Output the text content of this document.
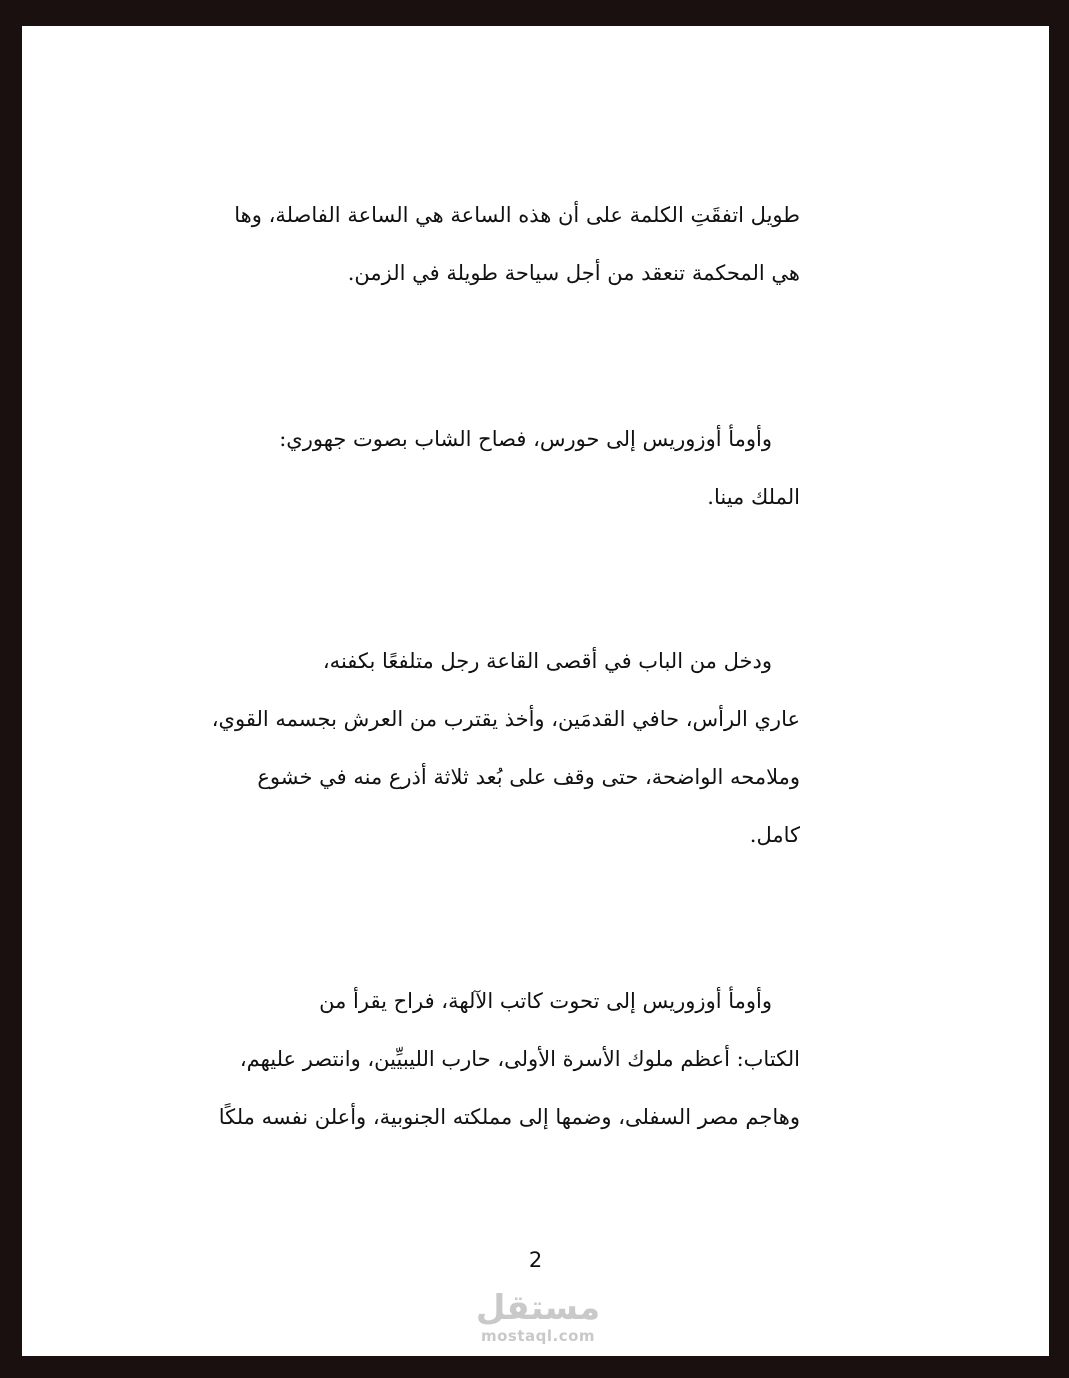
طويل اتفقَتِ الكلمة على أن هذه الساعة هي الساعة الفاصلة، وها

هي المحكمة تنعقد من أجل سياحة طويلة في الزمن.

وأومأ أوزوريس إلى حورس، فصاح الشاب بصوت جهوري:

الملك مينا.

ودخل من الباب في أقصى القاعة رجل متلفعًا بكفنه،

عاري الرأس، حافي القدمَين، وأخذ يقترب من العرش بجسمه القوي،

وملامحه الواضحة، حتى وقف على بُعد ثلاثة أذرع منه في خشوع

كامل.

وأومأ أوزوريس إلى تحوت كاتب الآلهة، فراح يقرأ من

الكتاب: أعظم ملوك الأسرة الأولى، حارب الليبيِّين، وانتصر عليهم،

وهاجم مصر السفلى، وضمها إلى مملكته الجنوبية، وأعلن نفسه ملكًا

2
مستقل
mostaql.com
